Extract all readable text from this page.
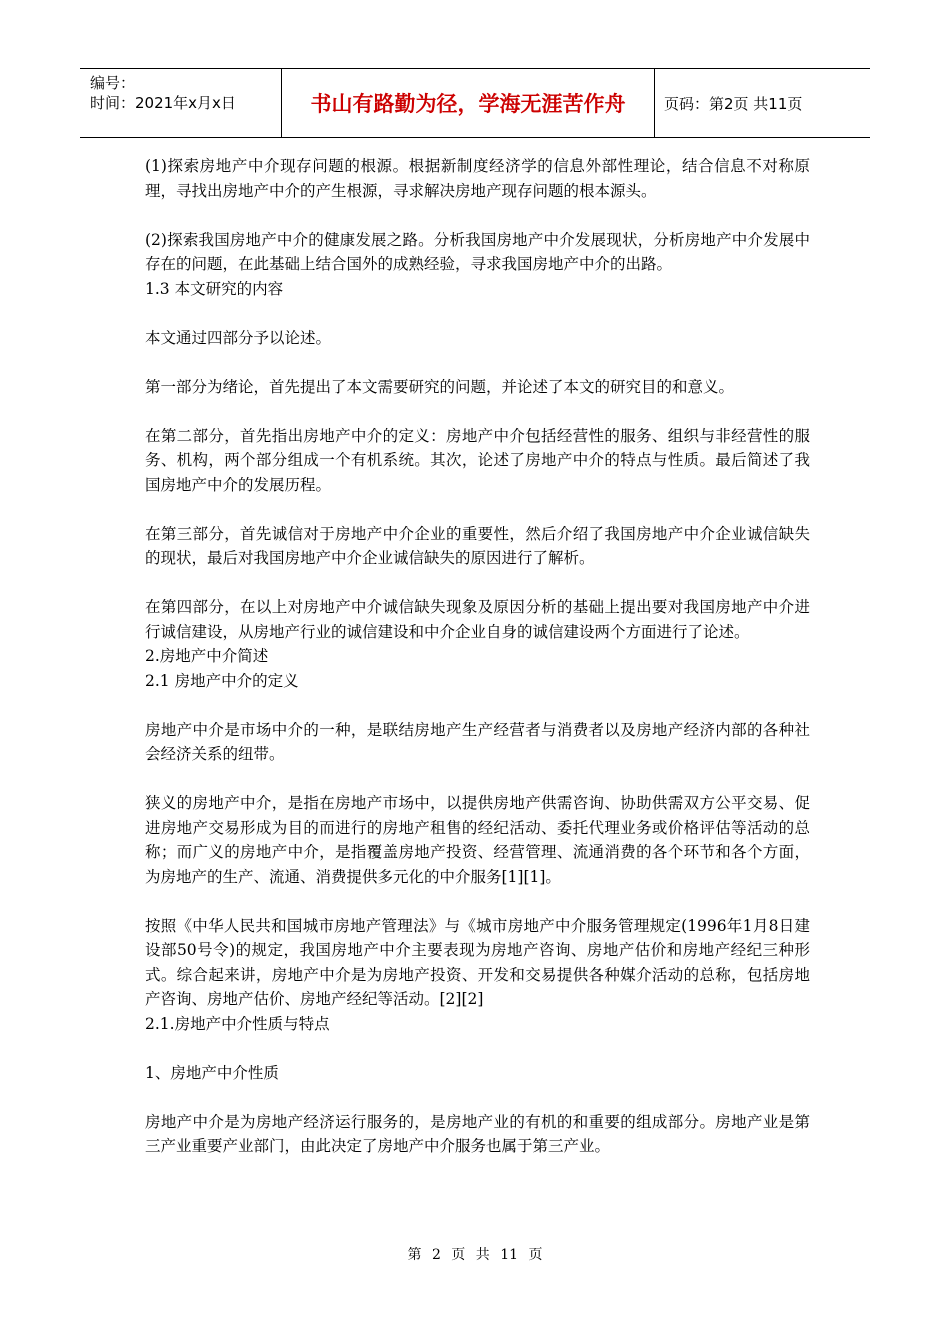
编号：
时间：2021年x月x日	书山有路勤为径，学海无涯苦作舟	页码：第2页 共11页

(1)探索房地产中介现存问题的根源。根据新制度经济学的信息外部性理论，结合信息不对称原理，寻找出房地产中介的产生根源，寻求解决房地产现存问题的根本源头。

(2)探索我国房地产中介的健康发展之路。分析我国房地产中介发展现状，分析房地产中介发展中存在的问题，在此基础上结合国外的成熟经验，寻求我国房地产中介的出路。

1.3 本文研究的内容

本文通过四部分予以论述。

第一部分为绪论，首先提出了本文需要研究的问题，并论述了本文的研究目的和意义。

在第二部分，首先指出房地产中介的定义：房地产中介包括经营性的服务、组织与非经营性的服务、机构，两个部分组成一个有机系统。其次，论述了房地产中介的特点与性质。最后简述了我国房地产中介的发展历程。

在第三部分，首先诚信对于房地产中介企业的重要性，然后介绍了我国房地产中介企业诚信缺失的现状，最后对我国房地产中介企业诚信缺失的原因进行了解析。

在第四部分，在以上对房地产中介诚信缺失现象及原因分析的基础上提出要对我国房地产中介进行诚信建设，从房地产行业的诚信建设和中介企业自身的诚信建设两个方面进行了论述。

2.房地产中介简述

2.1 房地产中介的定义

房地产中介是市场中介的一种，是联结房地产生产经营者与消费者以及房地产经济内部的各种社会经济关系的纽带。

狭义的房地产中介，是指在房地产市场中，以提供房地产供需咨询、协助供需双方公平交易、促进房地产交易形成为目的而进行的房地产租售的经纪活动、委托代理业务或价格评估等活动的总称；而广义的房地产中介，是指覆盖房地产投资、经营管理、流通消费的各个环节和各个方面，为房地产的生产、流通、消费提供多元化的中介服务[1][1]。

按照《中华人民共和国城市房地产管理法》与《城市房地产中介服务管理规定(1996年1月8日建设部50号令)的规定，我国房地产中介主要表现为房地产咨询、房地产估价和房地产经纪三种形式。综合起来讲，房地产中介是为房地产投资、开发和交易提供各种媒介活动的总称，包括房地产咨询、房地产估价、房地产经纪等活动。[2][2]

2.1.房地产中介性质与特点

1、房地产中介性质

房地产中介是为房地产经济运行服务的，是房地产业的有机的和重要的组成部分。房地产业是第三产业重要产业部门，由此决定了房地产中介服务也属于第三产业。

第 2 页 共 11 页
